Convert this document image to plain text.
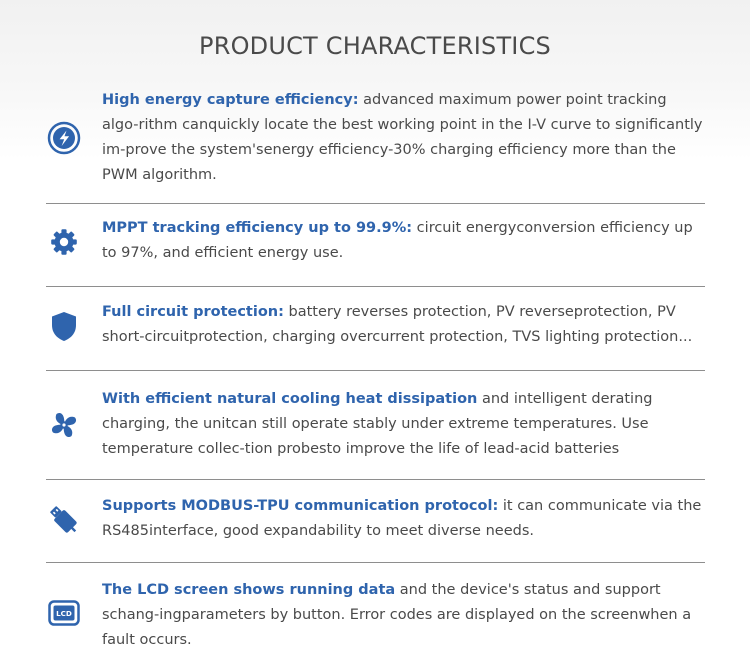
PRODUCT CHARACTERISTICS
High energy capture efficiency: advanced maximum power point tracking algo-rithm canquickly locate the best working point in the I-V curve to significantly im-prove the system'senergy efficiency-30% charging efficiency more than the PWM algorithm.
MPPT tracking efficiency up to 99.9%: circuit energyconversion efficiency up to 97%, and efficient energy use.
Full circuit protection: battery reverses protection, PV reverseprotection, PV short-circuitprotection, charging overcurrent protection, TVS lighting protection...
With efficient natural cooling heat dissipation and intelligent derating charging, the unitcan still operate stably under extreme temperatures. Use temperature collec-tion probesto improve the life of lead-acid batteries
Supports MODBUS-TPU communication protocol: it can communicate via the RS485interface, good expandability to meet diverse needs.
LCD
The LCD screen shows running data and the device's status and support schang-ingparameters by button. Error codes are displayed on the screenwhen a fault occurs.
